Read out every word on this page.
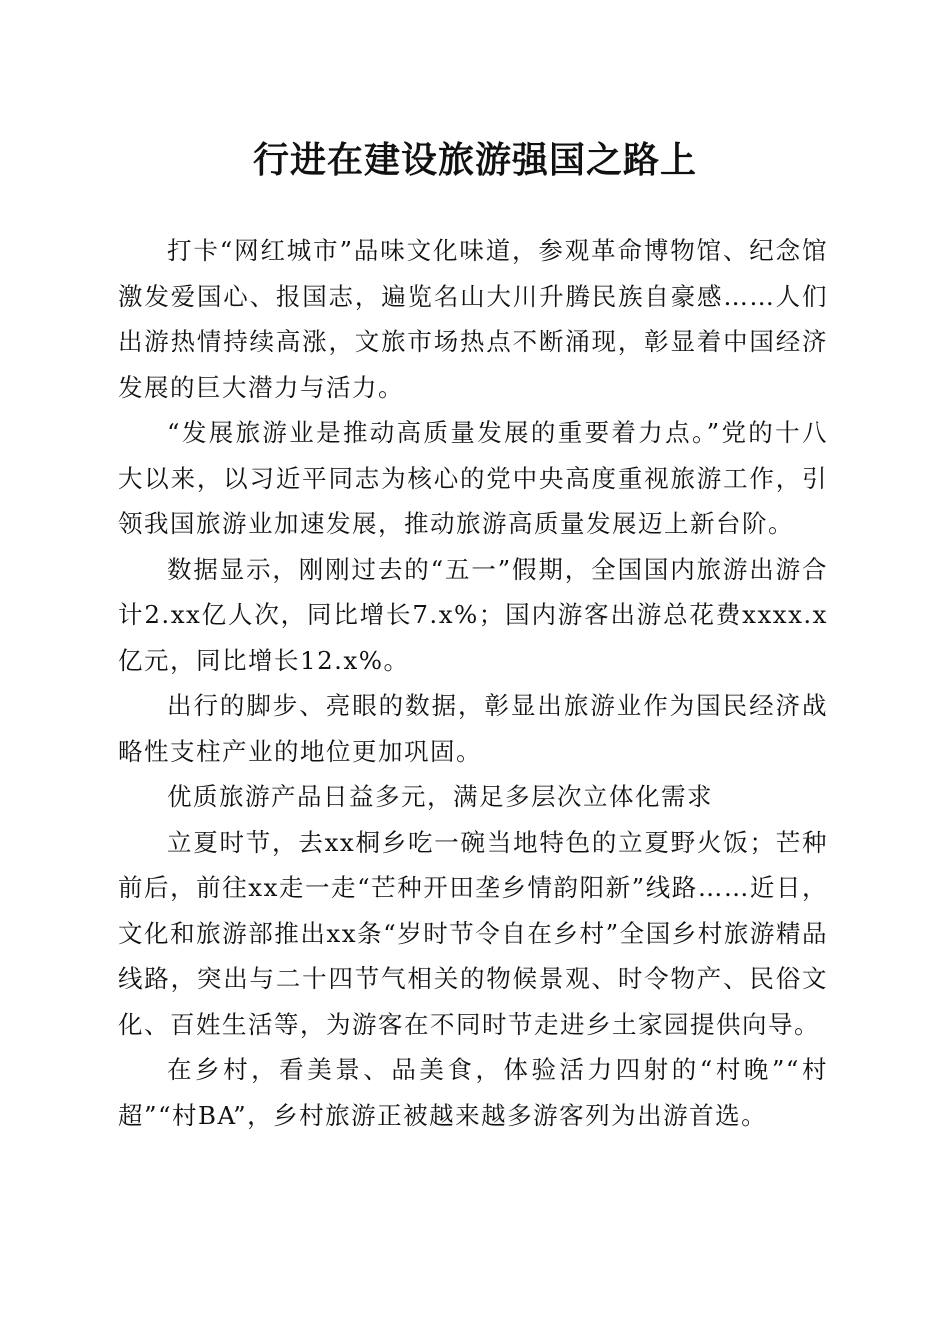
行进在建设旅游强国之路上

打卡“网红城市”品味文化味道，参观革命博物馆、纪念馆激发爱国心、报国志，遍览名山大川升腾民族自豪感……人们出游热情持续高涨，文旅市场热点不断涌现，彰显着中国经济发展的巨大潜力与活力。

“发展旅游业是推动高质量发展的重要着力点。”党的十八大以来，以习近平同志为核心的党中央高度重视旅游工作，引领我国旅游业加速发展，推动旅游高质量发展迈上新台阶。

数据显示，刚刚过去的“五一”假期，全国国内旅游出游合计2.xx亿人次，同比增长7.x%；国内游客出游总花费xxxx.x亿元，同比增长12.x%。

出行的脚步、亮眼的数据，彰显出旅游业作为国民经济战略性支柱产业的地位更加巩固。

优质旅游产品日益多元，满足多层次立体化需求

立夏时节，去xx桐乡吃一碗当地特色的立夏野火饭；芒种前后，前往xx走一走“芒种开田垄乡情韵阳新”线路……近日，文化和旅游部推出xx条“岁时节令自在乡村”全国乡村旅游精品线路，突出与二十四节气相关的物候景观、时令物产、民俗文化、百姓生活等，为游客在不同时节走进乡土家园提供向导。

在乡村，看美景、品美食，体验活力四射的“村晚”“村超”“村BA”，乡村旅游正被越来越多游客列为出游首选。
